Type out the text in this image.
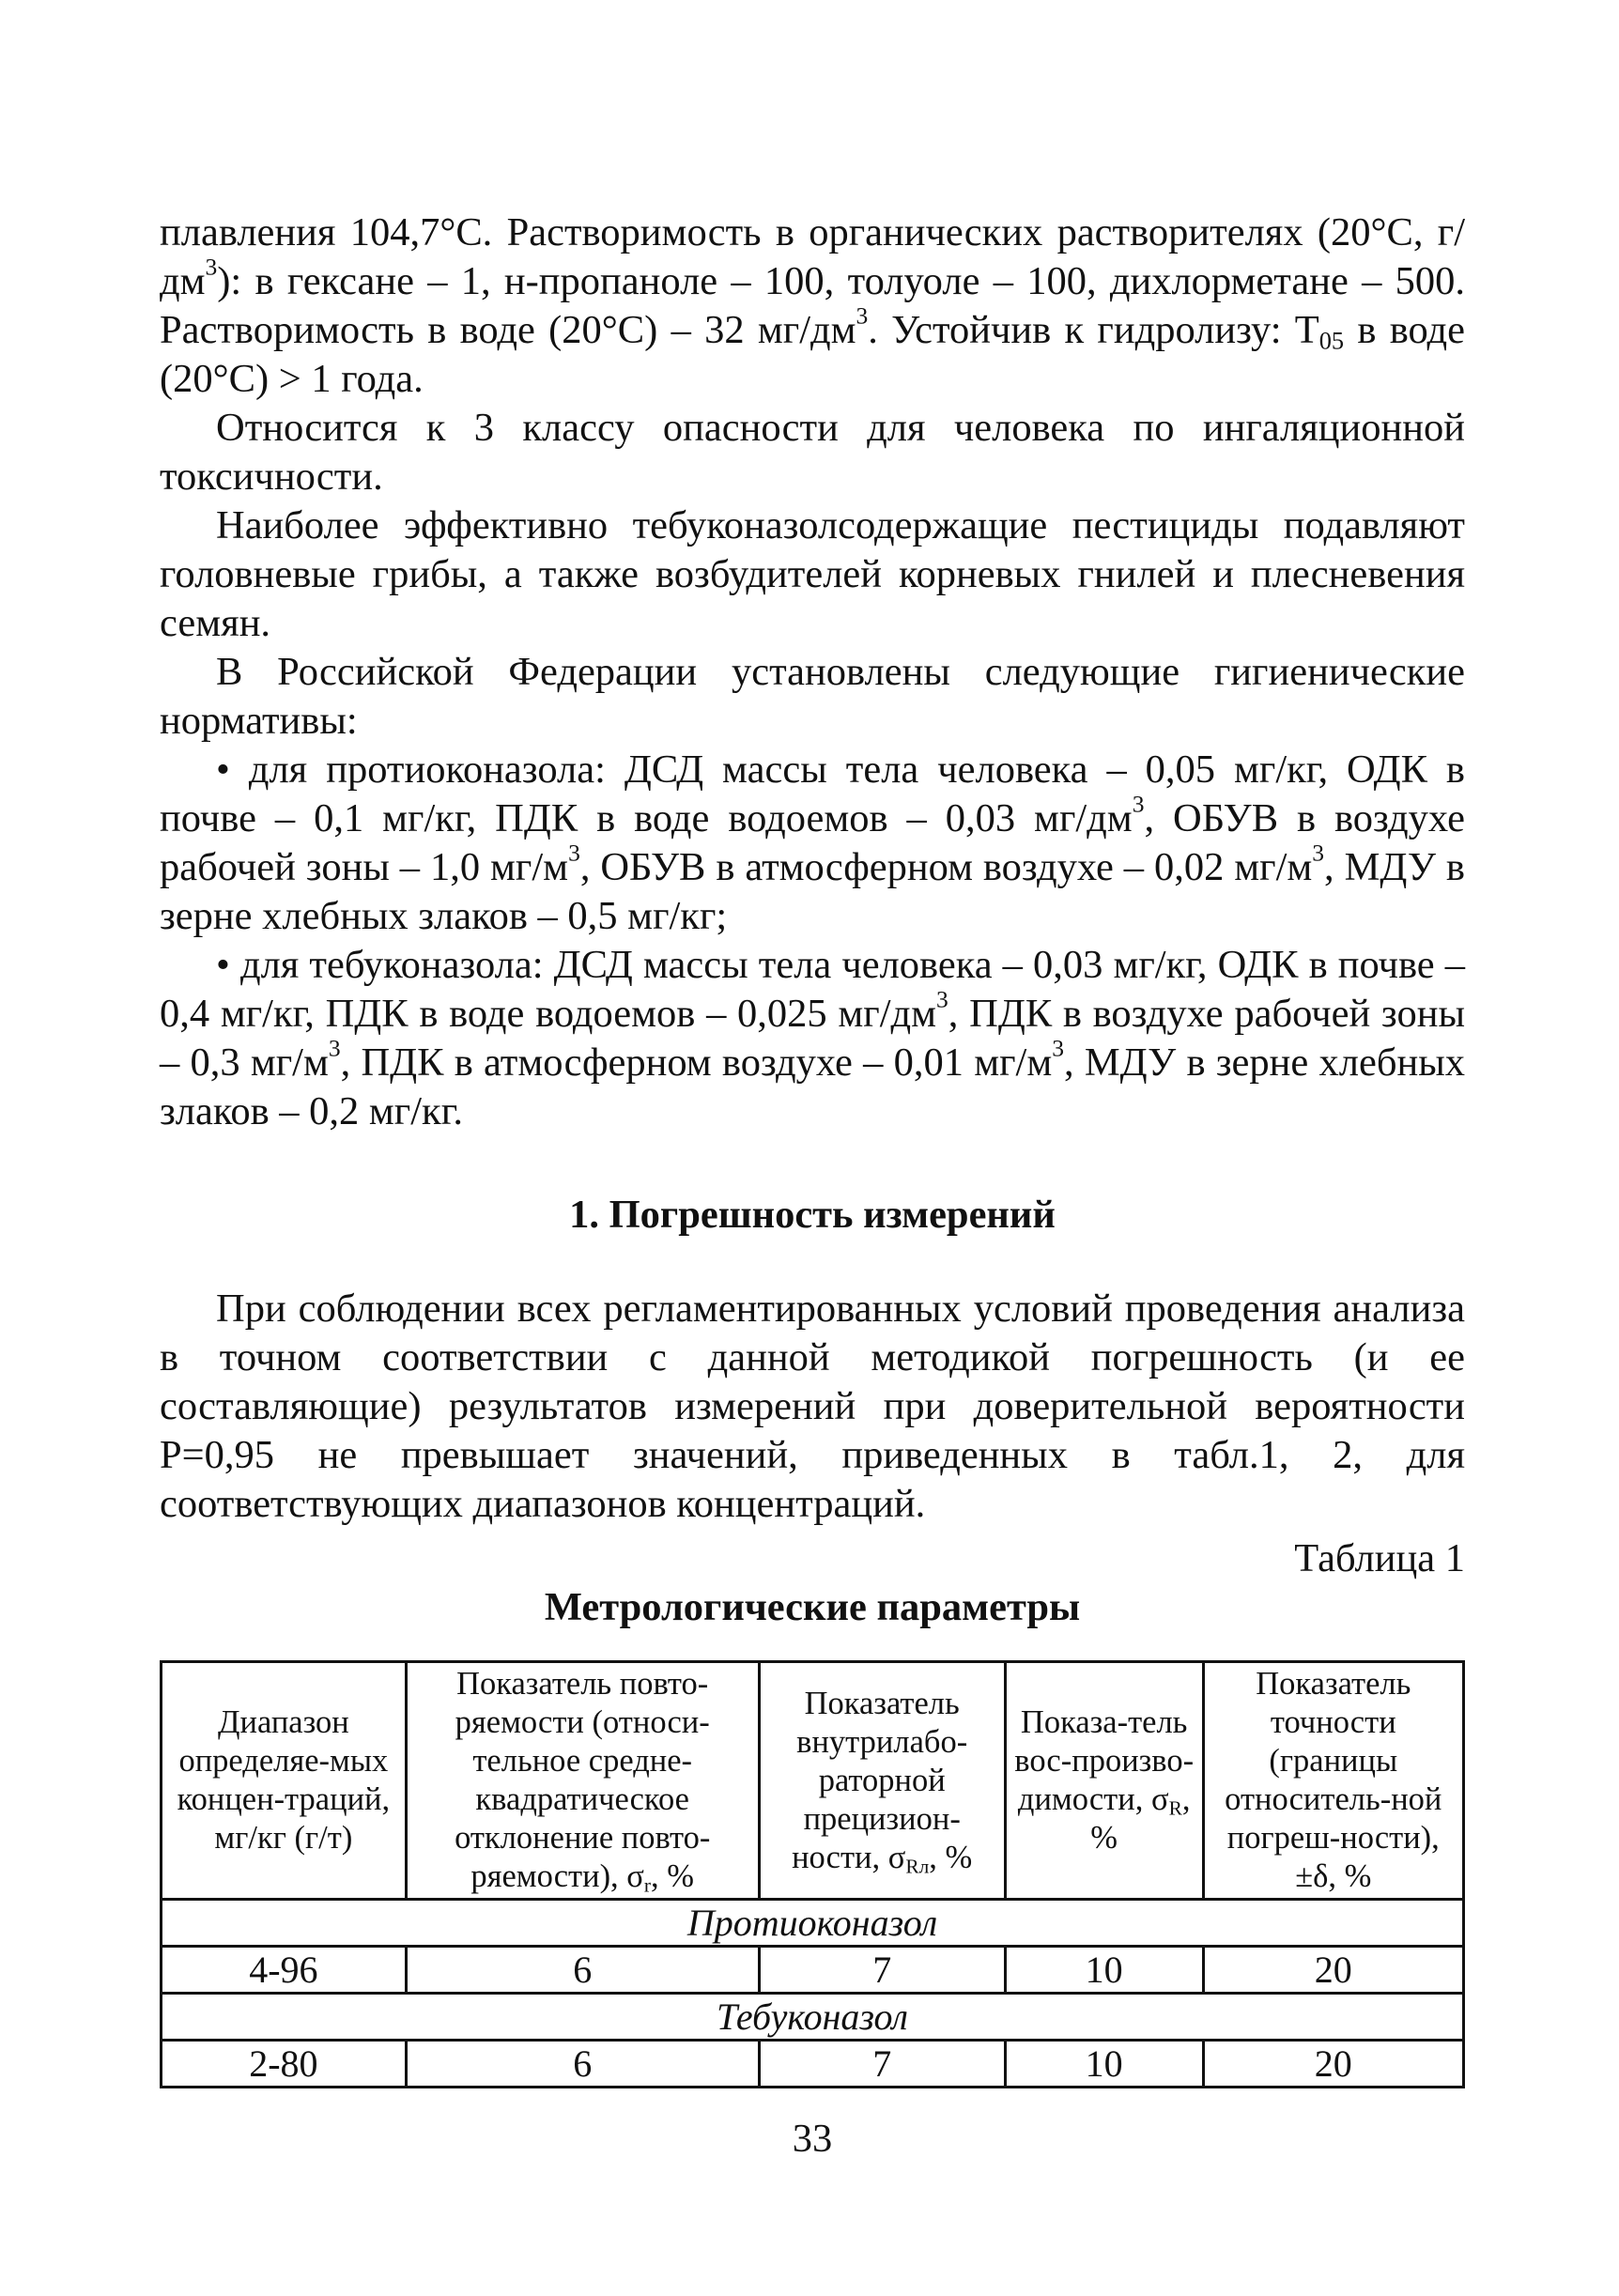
плавления 104,7°С. Растворимость в органических растворителях (20°С, $г/дм^3$): в гексане – 1, н-пропаноле – 100, толуоле – 100, дихлорметане – 500. Растворимость в воде (20°С) – 32 $мг/дм^3$. Устойчив к гидролизу: $Т_{05}$ в воде (20°С) > 1 года.

Относится к 3 классу опасности для человека по ингаляционной токсичности.

Наиболее эффективно тебуконазолсодержащие пестициды подавляют головневые грибы, а также возбудителей корневых гнилей и плесневения семян.

В Российской Федерации установлены следующие гигиенические нормативы:

• для протиоконазола: ДСД массы тела человека – 0,05 мг/кг, ОДК в почве – 0,1 мг/кг, ПДК в воде водоемов – 0,03 $мг/дм^3$, ОБУВ в воздухе рабочей зоны – 1,0 $мг/м^3$, ОБУВ в атмосферном воздухе – 0,02 $мг/м^3$, МДУ в зерне хлебных злаков – 0,5 мг/кг;

• для тебуконазола: ДСД массы тела человека – 0,03 мг/кг, ОДК в почве – 0,4 мг/кг, ПДК в воде водоемов – 0,025 $мг/дм^3$, ПДК в воздухе рабочей зоны – 0,3 $мг/м^3$, ПДК в атмосферном воздухе – 0,01 $мг/м^3$, МДУ в зерне хлебных злаков – 0,2 мг/кг.

1. Погрешность измерений

При соблюдении всех регламентированных условий проведения анализа в точном соответствии с данной методикой погрешность (и ее составляющие) результатов измерений при доверительной вероятности Р=0,95 не превышает значений, приведенных в табл.1, 2, для соответствующих диапазонов концентраций.

Таблица 1
Метрологические параметры
Диапазон определяе-мых концен-траций, мг/кг (г/т)	Показатель повто-ряемости (относи-тельное средне-квадратическое отклонение повто-ряемости), $\sigma_r$, %	Показатель внутрилабо-раторной прецизион-ности, $\sigma_{Rл}$, %	Показа-тель вос-произво-димости, $\sigma_R$, %	Показатель точности (границы относитель-ной погреш-ности), ±δ, %
Протиоконазол				
4-96	6	7	10	20
Тебуконазол				
2-80	6	7	10	20
33
